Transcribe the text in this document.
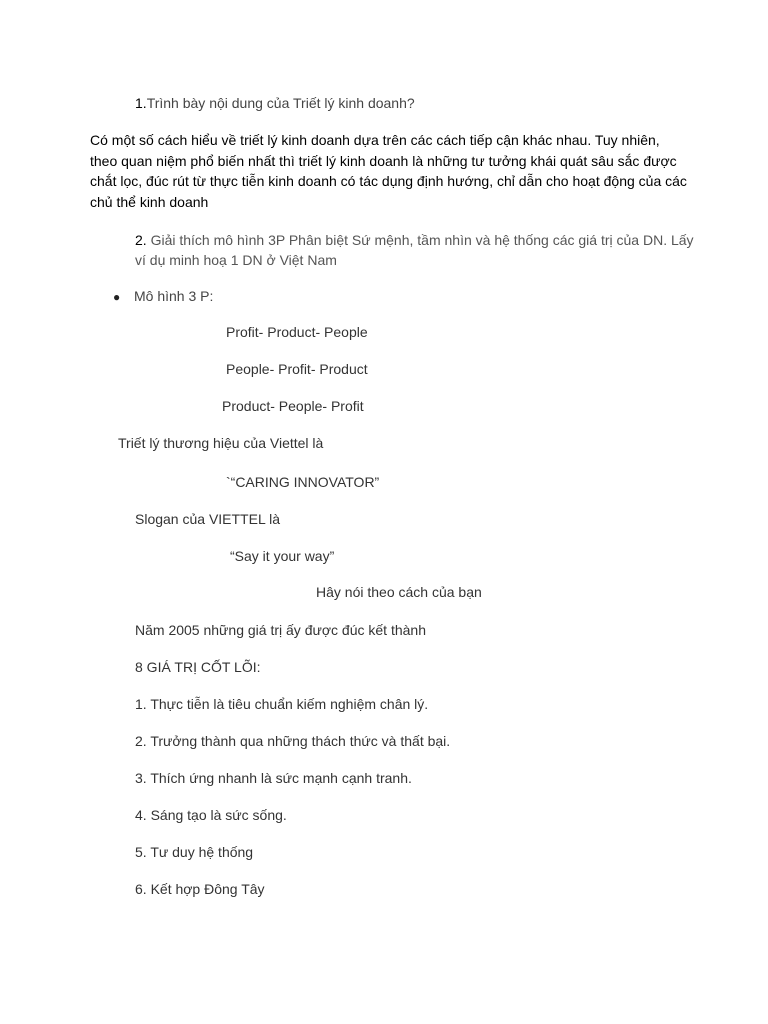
1.Trình bày nội dung của Triết lý kinh doanh?
Có một số cách hiểu về triết lý kinh doanh dựa trên các cách tiếp cận khác nhau. Tuy nhiên, theo quan niệm phổ biến nhất thì triết lý kinh doanh là những tư tưởng khái quát sâu sắc được chắt lọc, đúc rút từ thực tiễn kinh doanh có tác dụng định hướng, chỉ dẫn cho hoạt động của các chủ thể kinh doanh
2. Giải thích mô hình 3P Phân biệt Sứ mệnh, tầm nhìn và hệ thống các giá trị của DN. Lấy ví dụ minh hoạ 1 DN ở Việt Nam
● Mô hình 3 P:
Profit- Product- People
People- Profit- Product
Product- People- Profit
Triết lý thương hiệu của Viettel là
`“CARING INNOVATOR”
Slogan của VIETTEL là
“Say it your way”
Hây nói theo cách của bạn
Năm 2005 những giá trị ấy được đúc kết thành
8 GIÁ TRỊ CỐT LÕI:
1. Thực tiễn là tiêu chuẩn kiếm nghiệm chân lý.
2. Trưởng thành qua những thách thức và thất bại.
3. Thích ứng nhanh là sức mạnh cạnh tranh.
4. Sáng tạo là sức sống.
5. Tư duy hệ thống
6. Kết hợp Đông Tây
